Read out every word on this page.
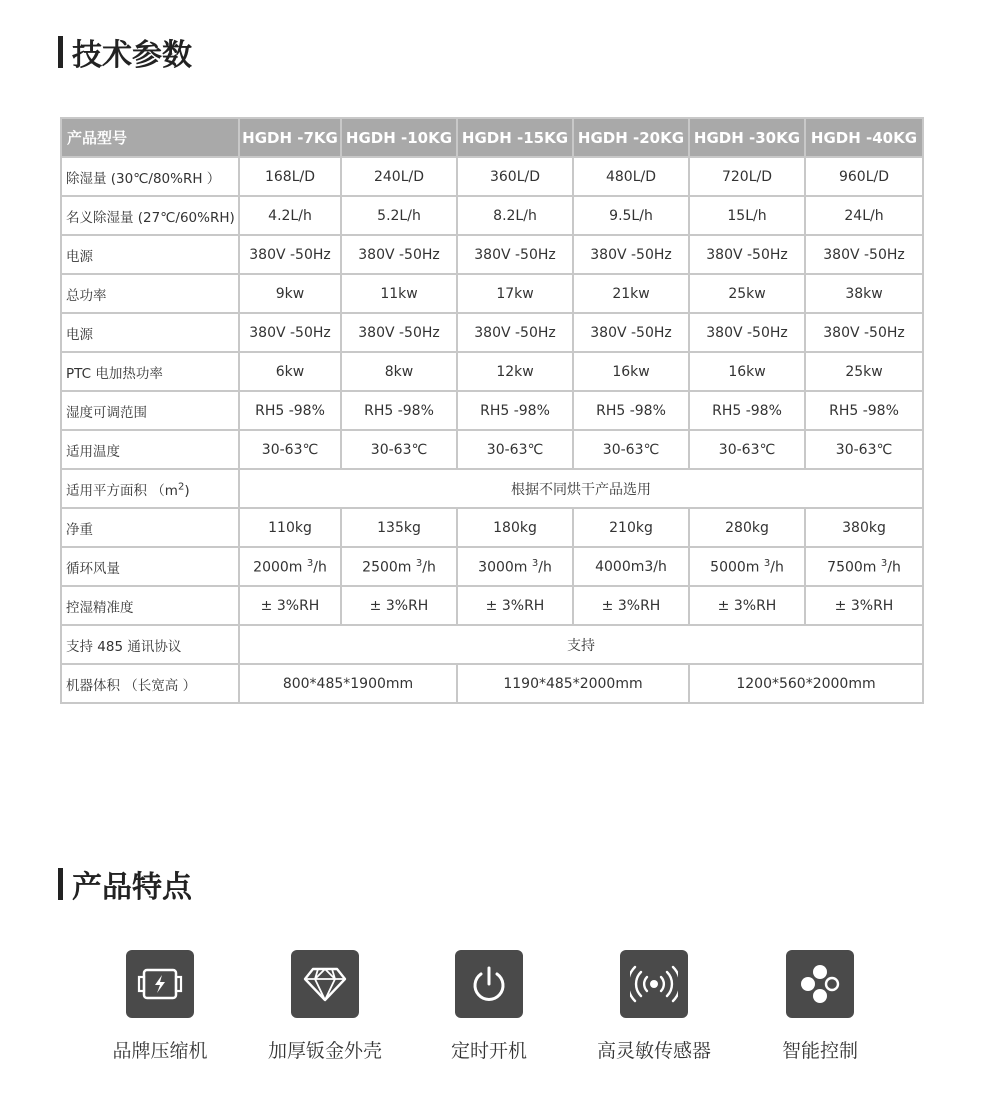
技术参数
产品型号	HGDH -7KG	HGDH -10KG	HGDH -15KG	HGDH -20KG	HGDH -30KG	HGDH -40KG
除湿量 (30℃/80%RH ）	168L/D	240L/D	360L/D	480L/D	720L/D	960L/D
名义除湿量 (27℃/60%RH)	4.2L/h	5.2L/h	8.2L/h	9.5L/h	15L/h	24L/h
电源	380V -50Hz	380V -50Hz	380V -50Hz	380V -50Hz	380V -50Hz	380V -50Hz
总功率	9kw	11kw	17kw	21kw	25kw	38kw
电源	380V -50Hz	380V -50Hz	380V -50Hz	380V -50Hz	380V -50Hz	380V -50Hz
PTC 电加热功率	6kw	8kw	12kw	16kw	16kw	25kw
湿度可调范围	RH5 -98%	RH5 -98%	RH5 -98%	RH5 -98%	RH5 -98%	RH5 -98%
适用温度	30-63℃	30-63℃	30-63℃	30-63℃	30-63℃	30-63℃
适用平方面积 $(m^2)$	根据不同烘干产品选用					
净重	110kg	135kg	180kg	210kg	280kg	380kg
循环风量	2000m $^3$/h	2500m $^3$/h	3000m $^3$/h	4000m3/h	5000m $^3$/h	7500m $^3$/h
控湿精准度	± 3%RH	± 3%RH	± 3%RH	± 3%RH	± 3%RH	± 3%RH
支持 485 通讯协议	支持					
机器体积 （长宽高 ）	800*485*1900mm		1190*485*2000mm		1200*560*2000mm	
产品特点
品牌压缩机	加厚钣金外壳	定时开机	高灵敏传感器	智能控制
